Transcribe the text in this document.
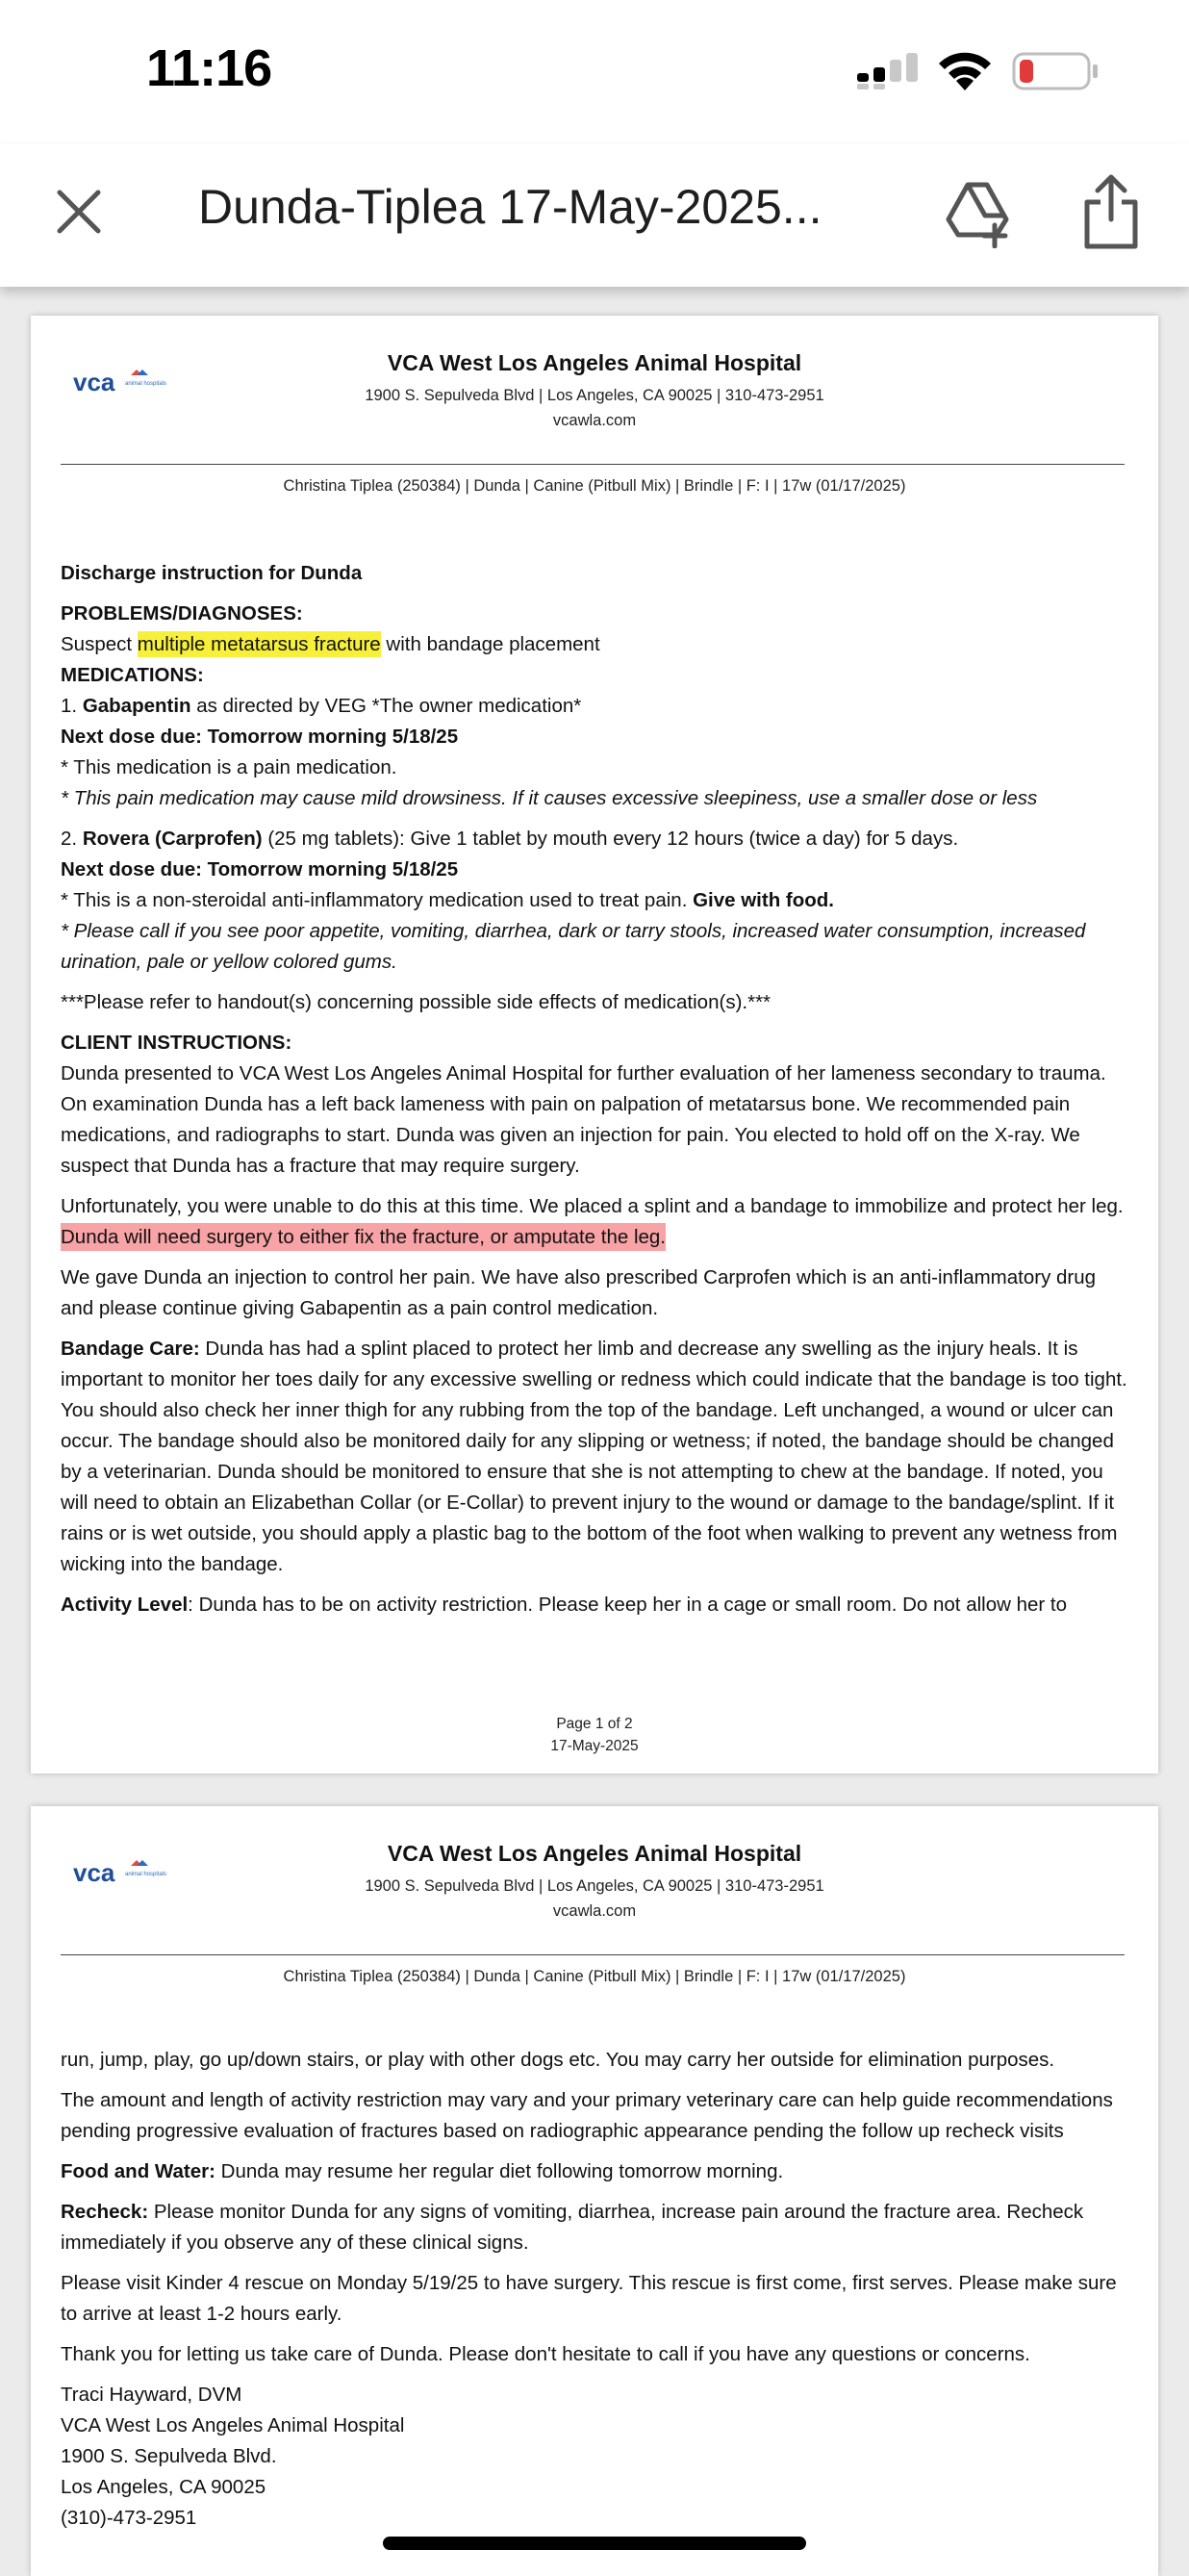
11:16
Dunda-Tiplea 17-May-2025...
vca animal hospitals
VCA West Los Angeles Animal Hospital
1900 S. Sepulveda Blvd | Los Angeles, CA 90025 | 310-473-2951
vcawla.com
Christina Tiplea (250384) | Dunda | Canine (Pitbull Mix) | Brindle | F: I | 17w (01/17/2025)

Discharge instruction for Dunda

PROBLEMS/DIAGNOSES:

Suspect multiple metatarsus fracture with bandage placement

MEDICATIONS:

1. Gabapentin as directed by VEG *The owner medication*

Next dose due: Tomorrow morning 5/18/25

* This medication is a pain medication.

* This pain medication may cause mild drowsiness. If it causes excessive sleepiness, use a smaller dose or less

2. Rovera (Carprofen) (25 mg tablets): Give 1 tablet by mouth every 12 hours (twice a day) for 5 days.

Next dose due: Tomorrow morning 5/18/25

* This is a non-steroidal anti-inflammatory medication used to treat pain. Give with food.

* Please call if you see poor appetite, vomiting, diarrhea, dark or tarry stools, increased water consumption, increased urination, pale or yellow colored gums.

***Please refer to handout(s) concerning possible side effects of medication(s).***

CLIENT INSTRUCTIONS:

Dunda presented to VCA West Los Angeles Animal Hospital for further evaluation of her lameness secondary to trauma. On examination Dunda has a left back lameness with pain on palpation of metatarsus bone. We recommended pain medications, and radiographs to start. Dunda was given an injection for pain. You elected to hold off on the X-ray. We suspect that Dunda has a fracture that may require surgery.

Unfortunately, you were unable to do this at this time. We placed a splint and a bandage to immobilize and protect her leg. Dunda will need surgery to either fix the fracture, or amputate the leg.

We gave Dunda an injection to control her pain. We have also prescribed Carprofen which is an anti-inflammatory drug and please continue giving Gabapentin as a pain control medication.

Bandage Care: Dunda has had a splint placed to protect her limb and decrease any swelling as the injury heals. It is important to monitor her toes daily for any excessive swelling or redness which could indicate that the bandage is too tight. You should also check her inner thigh for any rubbing from the top of the bandage. Left unchanged, a wound or ulcer can occur. The bandage should also be monitored daily for any slipping or wetness; if noted, the bandage should be changed by a veterinarian. Dunda should be monitored to ensure that she is not attempting to chew at the bandage. If noted, you will need to obtain an Elizabethan Collar (or E-Collar) to prevent injury to the wound or damage to the bandage/splint. If it rains or is wet outside, you should apply a plastic bag to the bottom of the foot when walking to prevent any wetness from wicking into the bandage.

Activity Level: Dunda has to be on activity restriction. Please keep her in a cage or small room. Do not allow her to

Page 1 of 2
17-May-2025
vca animal hospitals
VCA West Los Angeles Animal Hospital
1900 S. Sepulveda Blvd | Los Angeles, CA 90025 | 310-473-2951
vcawla.com
Christina Tiplea (250384) | Dunda | Canine (Pitbull Mix) | Brindle | F: I | 17w (01/17/2025)

run, jump, play, go up/down stairs, or play with other dogs etc. You may carry her outside for elimination purposes.

The amount and length of activity restriction may vary and your primary veterinary care can help guide recommendations pending progressive evaluation of fractures based on radiographic appearance pending the follow up recheck visits

Food and Water: Dunda may resume her regular diet following tomorrow morning.

Recheck: Please monitor Dunda for any signs of vomiting, diarrhea, increase pain around the fracture area. Recheck immediately if you observe any of these clinical signs.

Please visit Kinder 4 rescue on Monday 5/19/25 to have surgery. This rescue is first come, first serves. Please make sure to arrive at least 1-2 hours early.

Thank you for letting us take care of Dunda. Please don't hesitate to call if you have any questions or concerns.

Traci Hayward, DVM

VCA West Los Angeles Animal Hospital

1900 S. Sepulveda Blvd.

Los Angeles, CA 90025

(310)-473-2951
